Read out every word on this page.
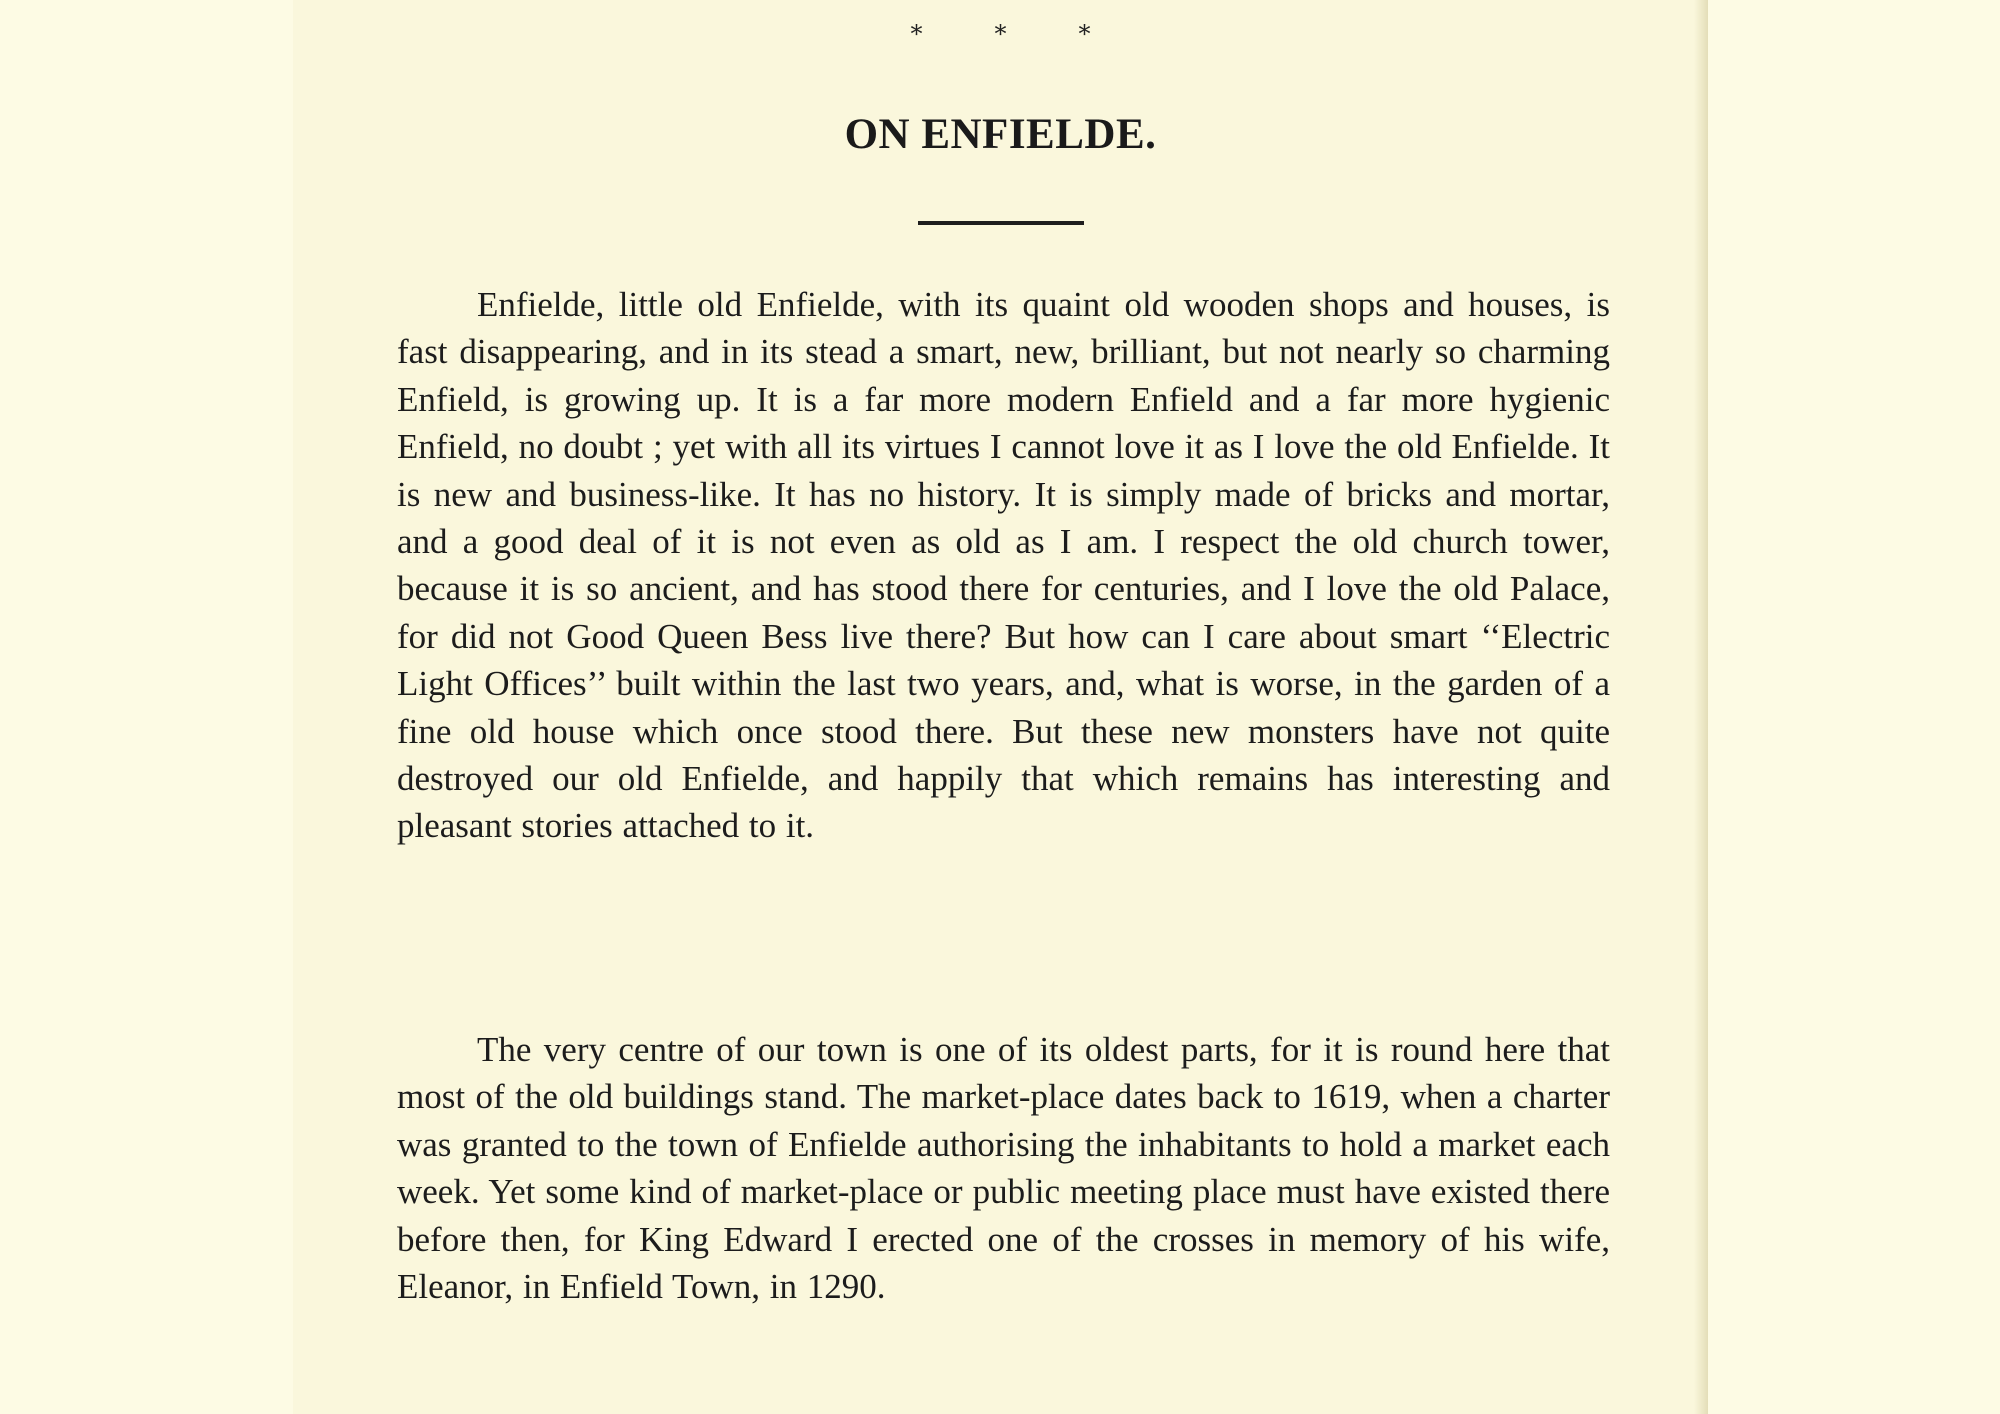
*	*	*
ON ENFIELDE.

Enfielde, little old Enfielde, with its quaint old wooden shops and houses, is fast disappearing, and in its stead a smart, new, brilliant, but not nearly so charming Enfield, is growing up. It is a far more modern Enfield and a far more hygienic Enfield, no doubt ; yet with all its virtues I cannot love it as I love the old Enfielde. It is new and business-like. It has no history. It is simply made of bricks and mortar, and a good deal of it is not even as old as I am. I respect the old church tower, because it is so ancient, and has stood there for centuries, and I love the old Palace, for did not Good Queen Bess live there? But how can I care about smart ‘‘Electric Light Offices’’ built within the last two years, and, what is worse, in the garden of a fine old house which once stood there. But these new monsters have not quite destroyed our old Enfielde, and happily that which remains has interesting and pleasant stories attached to it.

The very centre of our town is one of its oldest parts, for it is round here that most of the old buildings stand. The market-place dates back to 1619, when a charter was granted to the town of Enfielde authorising the inhabitants to hold a market each week. Yet some kind of market-place or public meeting place must have existed there before then, for King Edward I erected one of the crosses in memory of his wife, Eleanor, in Enfield Town, in 1290.
